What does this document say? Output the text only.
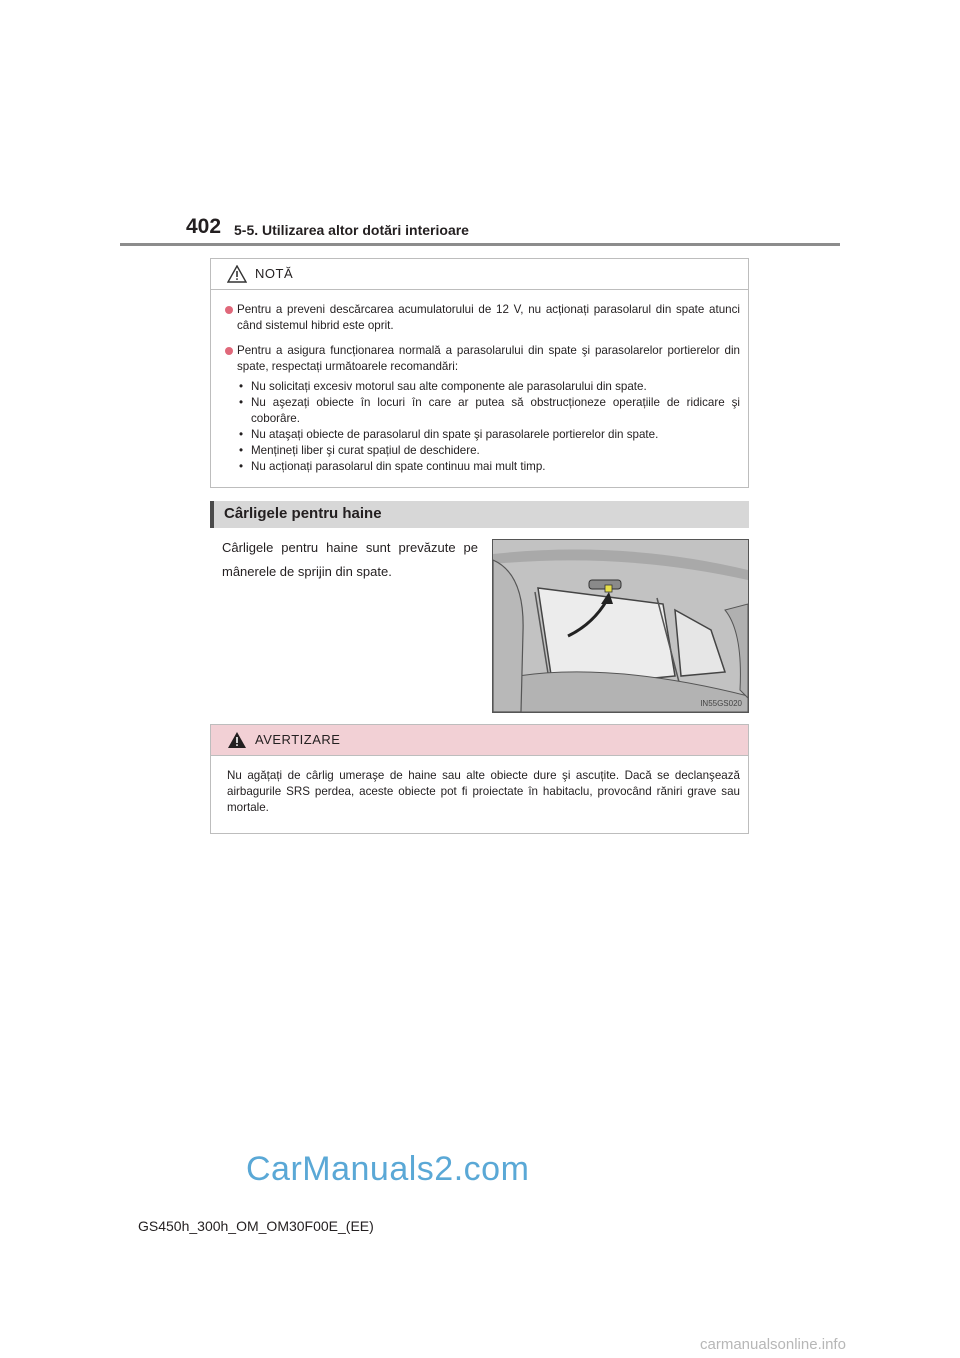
402 5-5. Utilizarea altor dotări interioare
NOTĂ
Pentru a preveni descărcarea acumulatorului de 12 V, nu acționați parasolarul din spate atunci când sistemul hibrid este oprit.
Pentru a asigura funcționarea normală a parasolarului din spate şi parasolarelor portierelor din spate, respectați următoarele recomandări:
• Nu solicitați excesiv motorul sau alte componente ale parasolarului din spate.
• Nu aşezați obiecte în locuri în care ar putea să obstrucționeze operațiile de ridicare şi coborâre.
• Nu ataşați obiecte de parasolarul din spate şi parasolarele portierelor din spate.
• Mențineți liber şi curat spațiul de deschidere.
• Nu acționați parasolarul din spate continuu mai mult timp.
Cârligele pentru haine
Cârligele pentru haine sunt prevăzute pe mânerele de sprijin din spate.
IN55GS020
AVERTIZARE
Nu agățați de cârlig umeraşe de haine sau alte obiecte dure şi ascuțite. Dacă se declanşează airbagurile SRS perdea, aceste obiecte pot fi proiectate în habitaclu, provocând răniri grave sau mortale.
CarManuals2.com
GS450h_300h_OM_OM30F00E_(EE)
carmanualsonline.info
